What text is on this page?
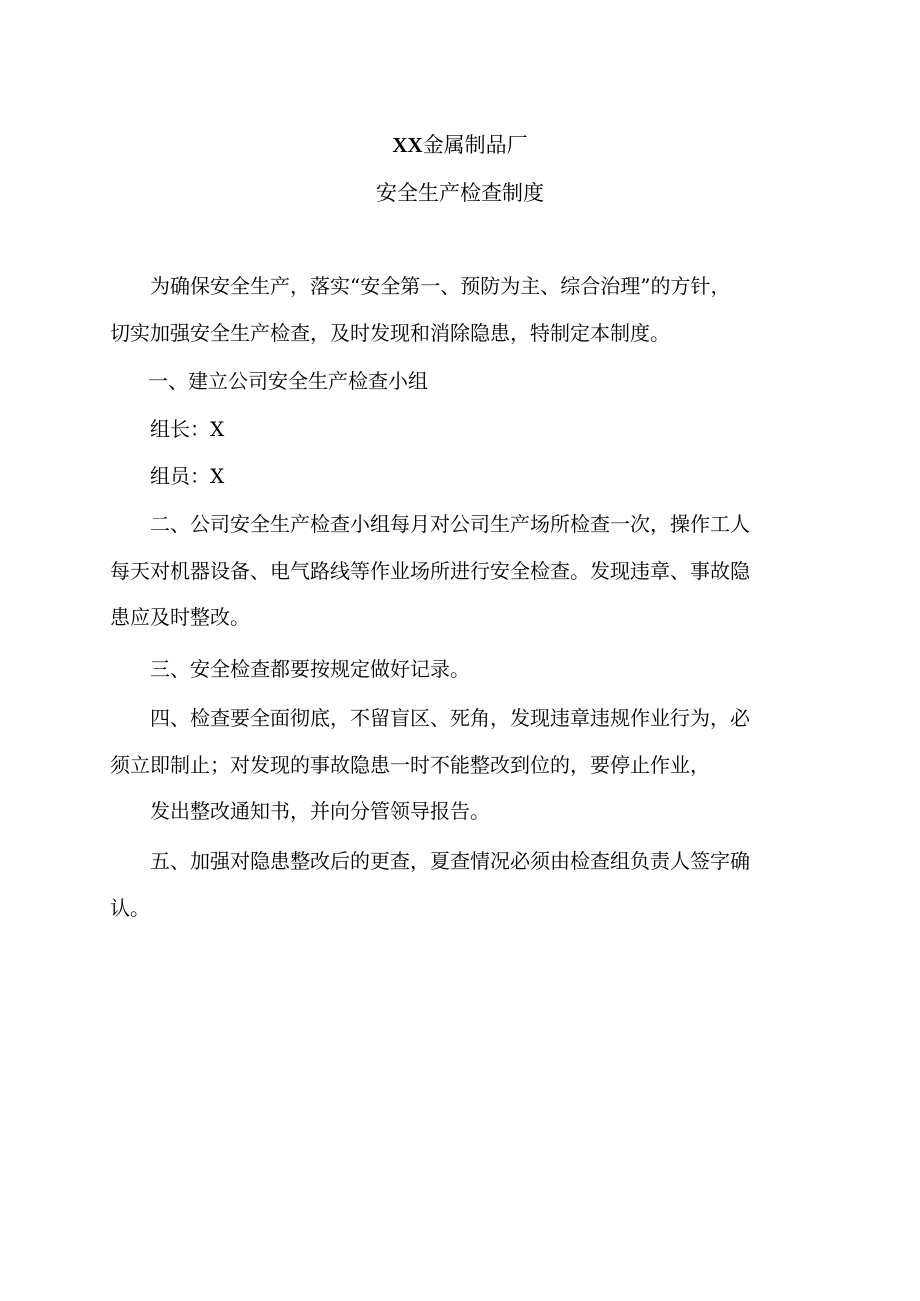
XX金属制品厂
安全生产检查制度
为确保安全生产，落实“安全第一、预防为主、综合治理”的方针，
切实加强安全生产检查，及时发现和消除隐患，特制定本制度。
一、建立公司安全生产检查小组
组长：X
组员：X
二、公司安全生产检查小组每月对公司生产场所检查一次，操作工人
每天对机器设备、电气路线等作业场所进行安全检查。发现违章、事故隐
患应及时整改。
三、安全检查都要按规定做好记录。
四、检查要全面彻底，不留盲区、死角，发现违章违规作业行为，必
须立即制止；对发现的事故隐患一时不能整改到位的，要停止作业，
发出整改通知书，并向分管领导报告。
五、加强对隐患整改后的更查，夏查情况必须由检查组负责人签字确
认。
